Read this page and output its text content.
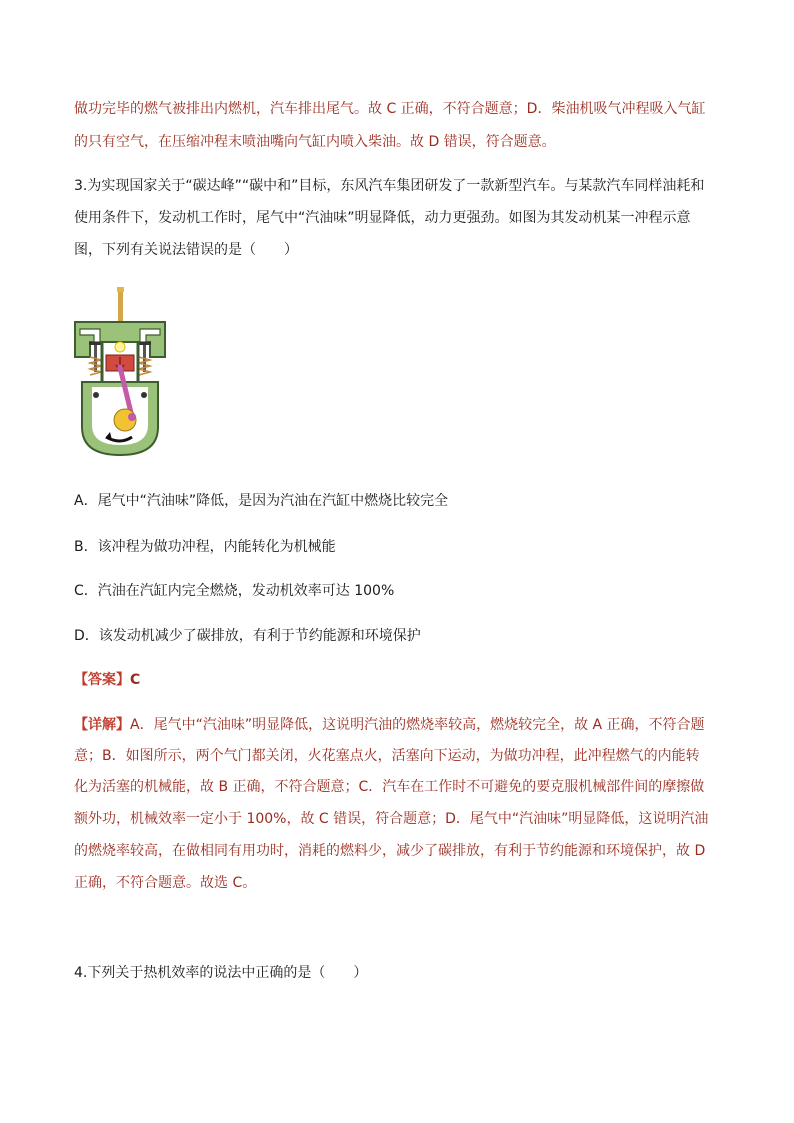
做功完毕的燃气被排出内燃机，汽车排出尾气。故 C 正确，不符合题意；D．柴油机吸气冲程吸入气缸
的只有空气，在压缩冲程末喷油嘴向气缸内喷入柴油。故 D 错误，符合题意。
3.为实现国家关于“碳达峰”“碳中和”目标，东风汽车集团研发了一款新型汽车。与某款汽车同样油耗和
使用条件下，发动机工作时，尾气中“汽油味”明显降低，动力更强劲。如图为其发动机某一冲程示意
图，下列有关说法错误的是（　　）
A．尾气中“汽油味”降低，是因为汽油在汽缸中燃烧比较完全
B．该冲程为做功冲程，内能转化为机械能
C．汽油在汽缸内完全燃烧，发动机效率可达 100%
D．该发动机减少了碳排放，有利于节约能源和环境保护
【答案】C
【详解】A．尾气中“汽油味”明显降低，这说明汽油的燃烧率较高，燃烧较完全，故 A 正确，不符合题
意；B．如图所示，两个气门都关闭，火花塞点火，活塞向下运动，为做功冲程，此冲程燃气的内能转
化为活塞的机械能，故 B 正确，不符合题意；C．汽车在工作时不可避免的要克服机械部件间的摩擦做
额外功，机械效率一定小于 100%，故 C 错误，符合题意；D．尾气中“汽油味”明显降低，这说明汽油
的燃烧率较高，在做相同有用功时，消耗的燃料少，减少了碳排放，有利于节约能源和环境保护，故 D
正确，不符合题意。故选 C。
4.下列关于热机效率的说法中正确的是（　　）
